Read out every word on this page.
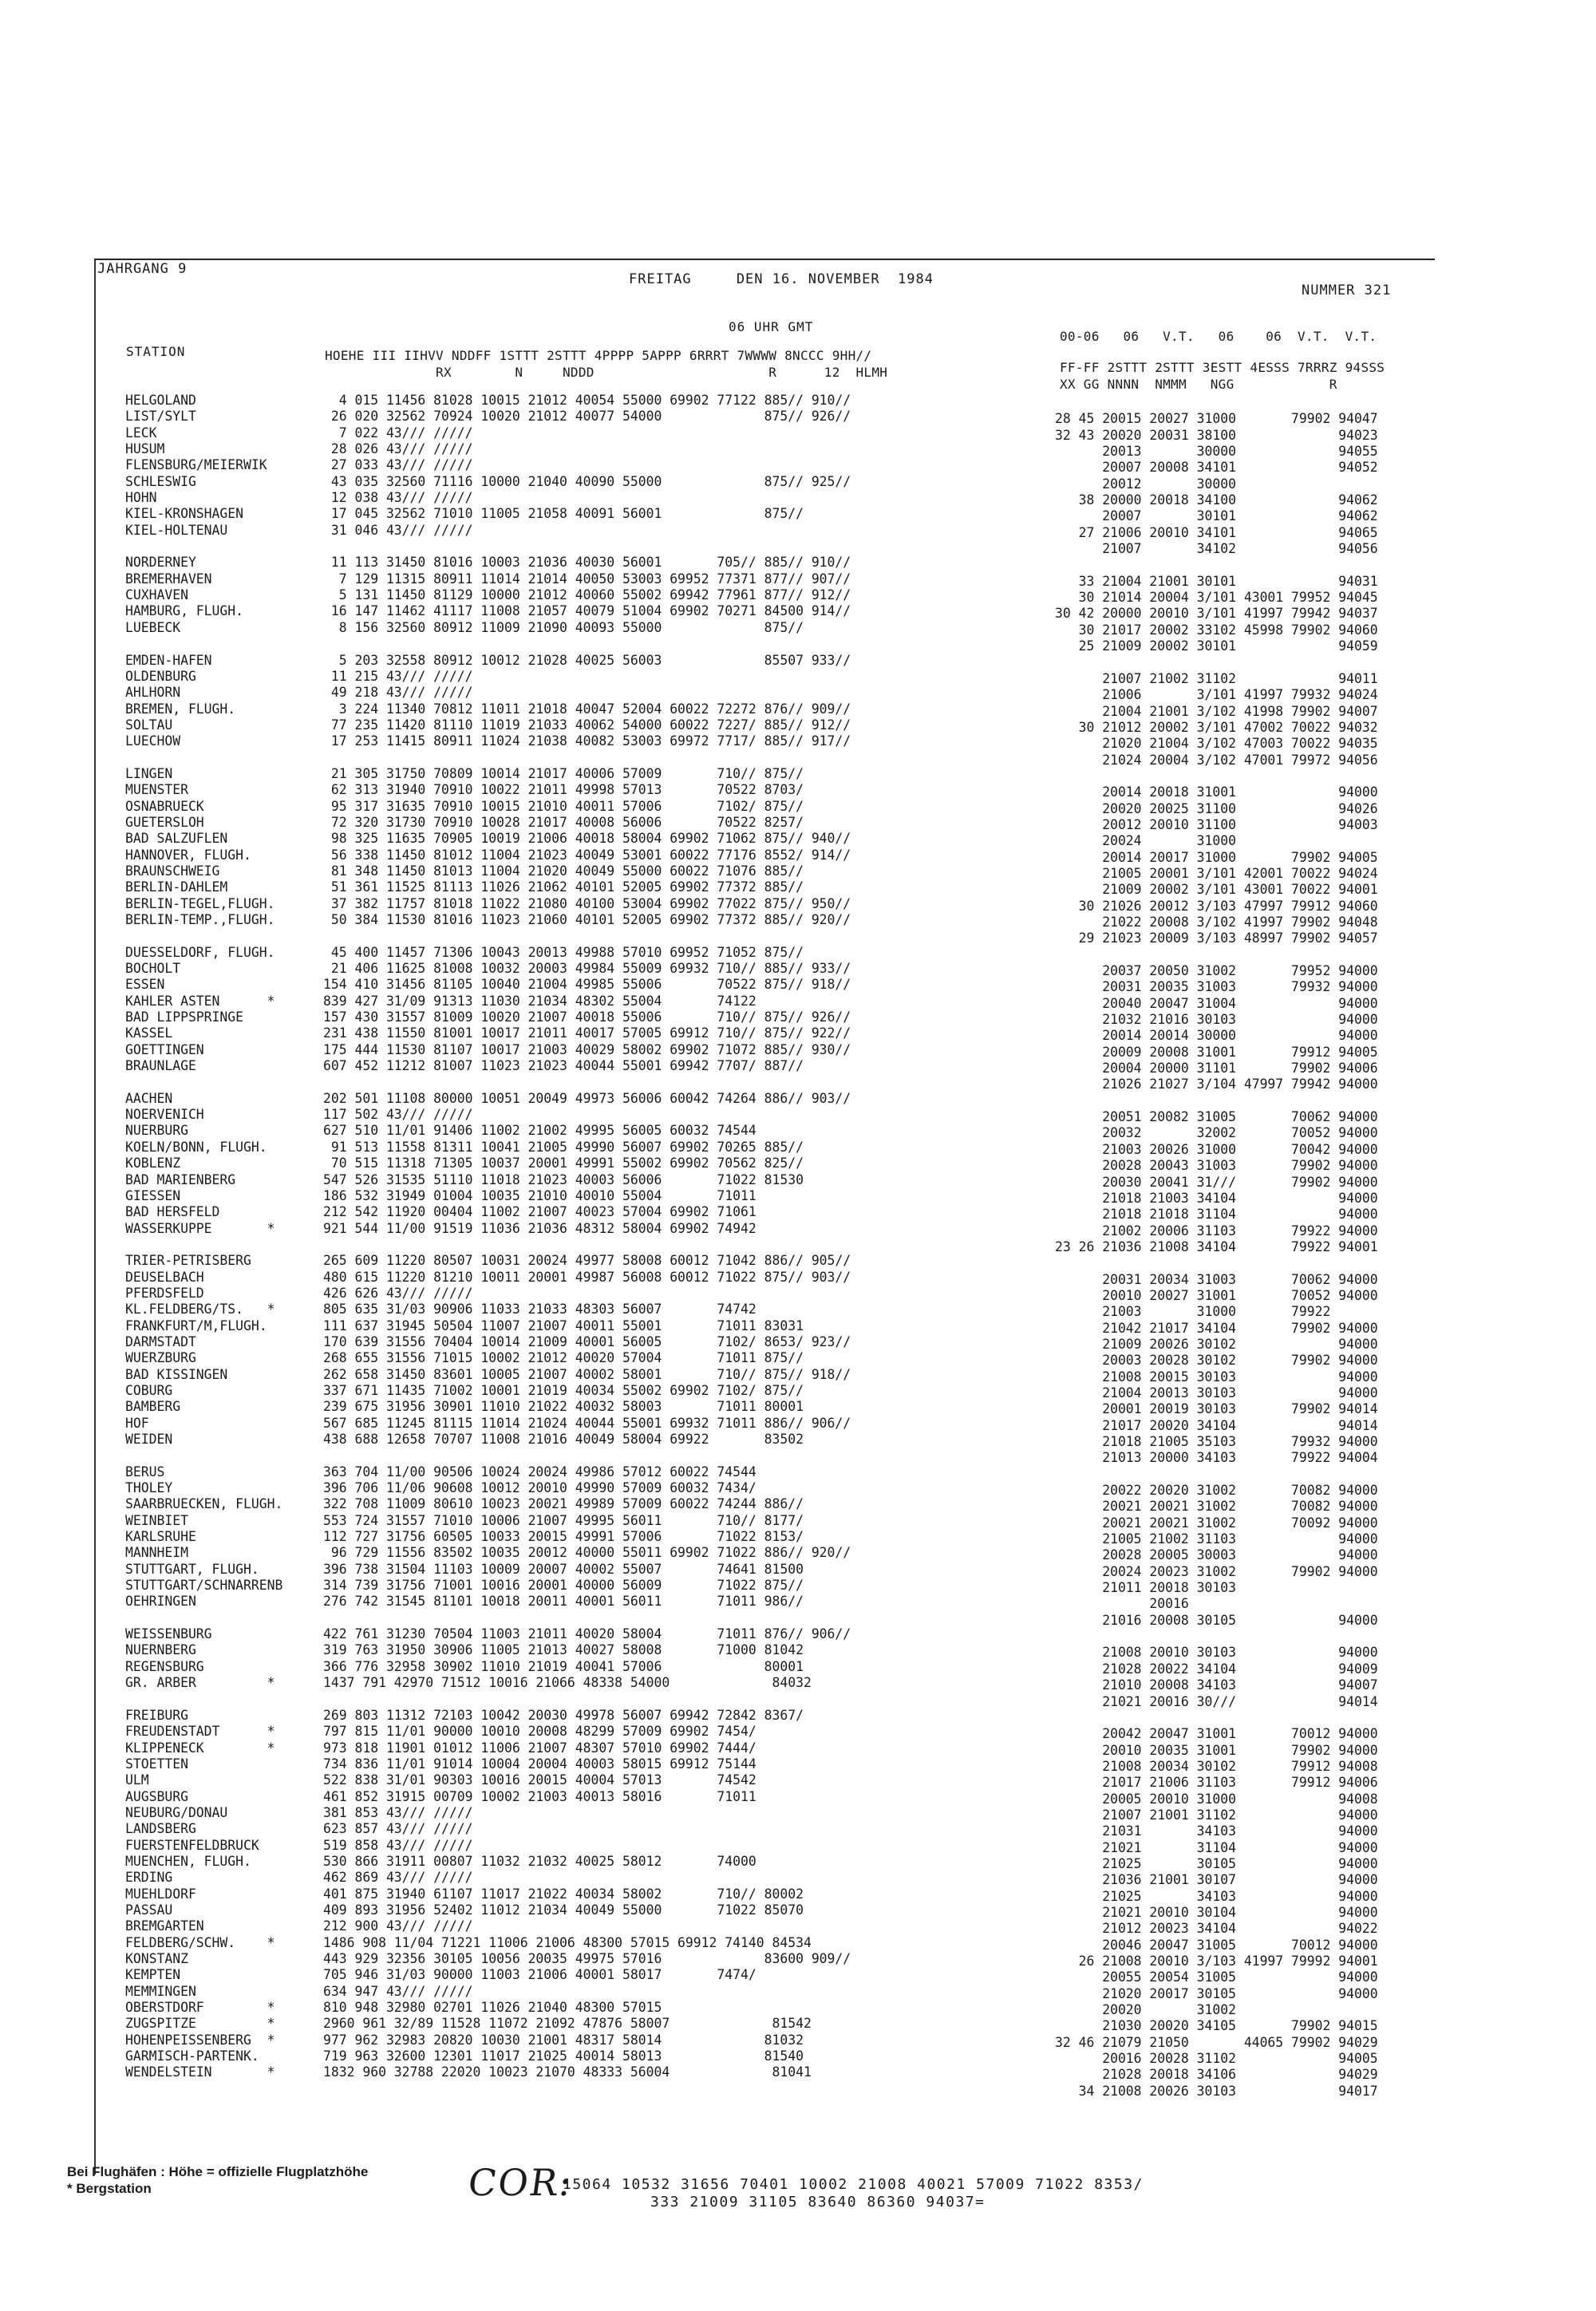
JAHRGANG 9
FREITAG     DEN 16. NOVEMBER  1984
NUMMER 321
06 UHR GMT
STATION	HOEHE III IIHVV NDDFF 1STTT 2STTT 4PPPP 5APPP 6RRRT 7WWWW 8NCCC 9HH//
RX        N     NDDD                      R      12  HLMH
00-06   06   V.T.   06    06  V.T.  V.T.
FF-FF 2STTT 2STTT 3ESTT 4ESSS 7RRRZ 94SSS
XX GG NNNN  NMMM   NGG            R
HELGOLAND
LIST/SYLT
LECK
HUSUM
FLENSBURG/MEIERWIK
SCHLESWIG
HOHN
KIEL-KRONSHAGEN
KIEL-HOLTENAU
NORDERNEY
BREMERHAVEN
CUXHAVEN
HAMBURG, FLUGH.
LUEBECK
EMDEN-HAFEN
OLDENBURG
AHLHORN
BREMEN, FLUGH.
SOLTAU
LUECHOW
LINGEN
MUENSTER
OSNABRUECK
GUETERSLOH
BAD SALZUFLEN
HANNOVER, FLUGH.
BRAUNSCHWEIG
BERLIN-DAHLEM
BERLIN-TEGEL,FLUGH.
BERLIN-TEMP.,FLUGH.
DUESSELDORF, FLUGH.
BOCHOLT
ESSEN
KAHLER ASTEN      *
BAD LIPPSPRINGE
KASSEL
GOETTINGEN
BRAUNLAGE
AACHEN
NOERVENICH
NUERBURG
KOELN/BONN, FLUGH.
KOBLENZ
BAD MARIENBERG
GIESSEN
BAD HERSFELD
WASSERKUPPE       *
TRIER-PETRISBERG
DEUSELBACH
PFERDSFELD
KL.FELDBERG/TS.   *
FRANKFURT/M,FLUGH.
DARMSTADT
WUERZBURG
BAD KISSINGEN
COBURG
BAMBERG
HOF
WEIDEN
BERUS
THOLEY
SAARBRUECKEN, FLUGH.
WEINBIET
KARLSRUHE
MANNHEIM
STUTTGART, FLUGH.
STUTTGART/SCHNARRENB
OEHRINGEN
WEISSENBURG
NUERNBERG
REGENSBURG
GR. ARBER         *
FREIBURG
FREUDENSTADT      *
KLIPPENECK        *
STOETTEN
ULM
AUGSBURG
NEUBURG/DONAU
LANDSBERG
FUERSTENFELDBRUCK
MUENCHEN, FLUGH.
ERDING
MUEHLDORF
PASSAU
BREMGARTEN
FELDBERG/SCHW.    *
KONSTANZ
KEMPTEN
MEMMINGEN
OBERSTDORF        *
ZUGSPITZE         *
HOHENPEISSENBERG  *
GARMISCH-PARTENK.
WENDELSTEIN       *
4 015 11456 81028 10015 21012 40054 55000 69902 77122 885// 910//
26 020 32562 70924 10020 21012 40077 54000             875// 926//
7 022 43/// /////
28 026 43/// /////
27 033 43/// /////
43 035 32560 71116 10000 21040 40090 55000             875// 925//
12 038 43/// /////
17 045 32562 71010 11005 21058 40091 56001             875//
31 046 43/// /////
11 113 31450 81016 10003 21036 40030 56001       705// 885// 910//
7 129 11315 80911 11014 21014 40050 53003 69952 77371 877// 907//
5 131 11450 81129 10000 21012 40060 55002 69942 77961 877// 912//
16 147 11462 41117 11008 21057 40079 51004 69902 70271 84500 914//
8 156 32560 80912 11009 21090 40093 55000             875//
5 203 32558 80912 10012 21028 40025 56003             85507 933//
11 215 43/// /////
49 218 43/// /////
3 224 11340 70812 11011 21018 40047 52004 60022 72272 876// 909//
77 235 11420 81110 11019 21033 40062 54000 60022 7227/ 885// 912//
17 253 11415 80911 11024 21038 40082 53003 69972 7717/ 885// 917//
21 305 31750 70809 10014 21017 40006 57009       710// 875//
62 313 31940 70910 10022 21011 49998 57013       70522 8703/
95 317 31635 70910 10015 21010 40011 57006       7102/ 875//
72 320 31730 70910 10028 21017 40008 56006       70522 8257/
98 325 11635 70905 10019 21006 40018 58004 69902 71062 875// 940//
56 338 11450 81012 11004 21023 40049 53001 60022 77176 8552/ 914//
81 348 11450 81013 11004 21020 40049 55000 60022 71076 885//
51 361 11525 81113 11026 21062 40101 52005 69902 77372 885//
37 382 11757 81018 11022 21080 40100 53004 69902 77022 875// 950//
50 384 11530 81016 11023 21060 40101 52005 69902 77372 885// 920//
45 400 11457 71306 10043 20013 49988 57010 69952 71052 875//
21 406 11625 81008 10032 20003 49984 55009 69932 710// 885// 933//
154 410 31456 81105 10040 21004 49985 55006       70522 875// 918//
839 427 31/09 91313 11030 21034 48302 55004       74122
157 430 31557 81009 10020 21007 40018 55006       710// 875// 926//
231 438 11550 81001 10017 21011 40017 57005 69912 710// 875// 922//
175 444 11530 81107 10017 21003 40029 58002 69902 71072 885// 930//
607 452 11212 81007 11023 21023 40044 55001 69942 7707/ 887//
202 501 11108 80000 10051 20049 49973 56006 60042 74264 886// 903//
117 502 43/// /////
627 510 11/01 91406 11002 21002 49995 56005 60032 74544
91 513 11558 81311 10041 21005 49990 56007 69902 70265 885//
70 515 11318 71305 10037 20001 49991 55002 69902 70562 825//
547 526 31535 51110 11018 21023 40003 56006       71022 81530
186 532 31949 01004 10035 21010 40010 55004       71011
212 542 11920 00404 11002 21007 40023 57004 69902 71061
921 544 11/00 91519 11036 21036 48312 58004 69902 74942
265 609 11220 80507 10031 20024 49977 58008 60012 71042 886// 905//
480 615 11220 81210 10011 20001 49987 56008 60012 71022 875// 903//
426 626 43/// /////
805 635 31/03 90906 11033 21033 48303 56007       74742
111 637 31945 50504 11007 21007 40011 55001       71011 83031
170 639 31556 70404 10014 21009 40001 56005       7102/ 8653/ 923//
268 655 31556 71015 10002 21012 40020 57004       71011 875//
262 658 31450 83601 10005 21007 40002 58001       710// 875// 918//
337 671 11435 71002 10001 21019 40034 55002 69902 7102/ 875//
239 675 31956 30901 11010 21022 40032 58003       71011 80001
567 685 11245 81115 11014 21024 40044 55001 69932 71011 886// 906//
438 688 12658 70707 11008 21016 40049 58004 69922       83502
363 704 11/00 90506 10024 20024 49986 57012 60022 74544
396 706 11/06 90608 10012 20010 49990 57009 60032 7434/
322 708 11009 80610 10023 20021 49989 57009 60022 74244 886//
553 724 31557 71010 10006 21007 49995 56011       710// 8177/
112 727 31756 60505 10033 20015 49991 57006       71022 8153/
96 729 11556 83502 10035 20012 40000 55011 69902 71022 886// 920//
396 738 31504 11103 10009 20007 40002 55007       74641 81500
314 739 31756 71001 10016 20001 40000 56009       71022 875//
276 742 31545 81101 10018 20011 40001 56011       71011 986//
422 761 31230 70504 11003 21011 40020 58004       71011 876// 906//
319 763 31950 30906 11005 21013 40027 58008       71000 81042
366 776 32958 30902 11010 21019 40041 57006             80001
1437 791 42970 71512 10016 21066 48338 54000             84032
269 803 11312 72103 10042 20030 49978 56007 69942 72842 8367/
797 815 11/01 90000 10010 20008 48299 57009 69902 7454/
973 818 11901 01012 11006 21007 48307 57010 69902 7444/
734 836 11/01 91014 10004 20004 40003 58015 69912 75144
522 838 31/01 90303 10016 20015 40004 57013       74542
461 852 31915 00709 10002 21003 40013 58016       71011
381 853 43/// /////
623 857 43/// /////
519 858 43/// /////
530 866 31911 00807 11032 21032 40025 58012       74000
462 869 43/// /////
401 875 31940 61107 11017 21022 40034 58002       710// 80002
409 893 31956 52402 11012 21034 40049 55000       71022 85070
212 900 43/// /////
1486 908 11/04 71221 11006 21006 48300 57015 69912 74140 84534
443 929 32356 30105 10056 20035 49975 57016             83600 909//
705 946 31/03 90000 11003 21006 40001 58017       7474/
634 947 43/// /////
810 948 32980 02701 11026 21040 48300 57015
2960 961 32/89 11528 11072 21092 47876 58007             81542
977 962 32983 20820 10030 21001 48317 58014             81032
719 963 32600 12301 11017 21025 40014 58013             81540
1832 960 32788 22020 10023 21070 48333 56004             81041
28 45 20015 20027 31000       79902 94047
32 43 20020 20031 38100             94023
20013       30000             94055
20007 20008 34101             94052
20012       30000
38 20000 20018 34100             94062
20007       30101             94062
27 21006 20010 34101             94065
21007       34102             94056
33 21004 21001 30101             94031
30 21014 20004 3/101 43001 79952 94045
30 42 20000 20010 3/101 41997 79942 94037
30 21017 20002 33102 45998 79902 94060
25 21009 20002 30101             94059
21007 21002 31102             94011
21006       3/101 41997 79932 94024
21004 21001 3/102 41998 79902 94007
30 21012 20002 3/101 47002 70022 94032
21020 21004 3/102 47003 70022 94035
21024 20004 3/102 47001 79972 94056
20014 20018 31001             94000
20020 20025 31100             94026
20012 20010 31100             94003
20024       31000
20014 20017 31000       79902 94005
21005 20001 3/101 42001 70022 94024
21009 20002 3/101 43001 70022 94001
30 21026 20012 3/103 47997 79912 94060
21022 20008 3/102 41997 79902 94048
29 21023 20009 3/103 48997 79902 94057
20037 20050 31002       79952 94000
20031 20035 31003       79932 94000
20040 20047 31004             94000
21032 21016 30103             94000
20014 20014 30000             94000
20009 20008 31001       79912 94005
20004 20000 31101       79902 94006
21026 21027 3/104 47997 79942 94000
20051 20082 31005       70062 94000
20032       32002       70052 94000
21003 20026 31000       70042 94000
20028 20043 31003       79902 94000
20030 20041 31///       79902 94000
21018 21003 34104             94000
21018 21018 31104             94000
21002 20006 31103       79922 94000
23 26 21036 21008 34104       79922 94001
20031 20034 31003       70062 94000
20010 20027 31001       70052 94000
21003       31000       79922
21042 21017 34104       79902 94000
21009 20026 30102             94000
20003 20028 30102       79902 94000
21008 20015 30103             94000
21004 20013 30103             94000
20001 20019 30103       79902 94014
21017 20020 34104             94014
21018 21005 35103       79932 94000
21013 20000 34103       79922 94004
20022 20020 31002       70082 94000
20021 20021 31002       70082 94000
20021 20021 31002       70092 94000
21005 21002 31103             94000
20028 20005 30003             94000
20024 20023 31002       79902 94000
21011 20018 30103
20016
21016 20008 30105             94000
21008 20010 30103             94000
21028 20022 34104             94009
21010 20008 34103             94007
21021 20016 30///             94014
20042 20047 31001       70012 94000
20010 20035 31001       79902 94000
21008 20034 30102       79912 94008
21017 21006 31103       79912 94006
20005 20010 31000             94008
21007 21001 31102             94000
21031       34103             94000
21021       31104             94000
21025       30105             94000
21036 21001 30107             94000
21025       34103             94000
21021 20010 30104             94000
21012 20023 34104             94022
20046 20047 31005       70012 94000
26 21008 20010 3/103 41997 79992 94001
20055 20054 31005             94000
21020 20017 30105             94000
20020       31002
21030 20020 34105       79902 94015
32 46 21079 21050       44065 79902 94029
20016 20028 31102             94005
21028 20018 34106             94029
34 21008 20026 30103             94017
Bei Flughäfen : Höhe = offizielle Flugplatzhöhe
* Bergstation	COR:
15064 10532 31656 70401 10002 21008 40021 57009 71022 8353/
333 21009 31105 83640 86360 94037=
